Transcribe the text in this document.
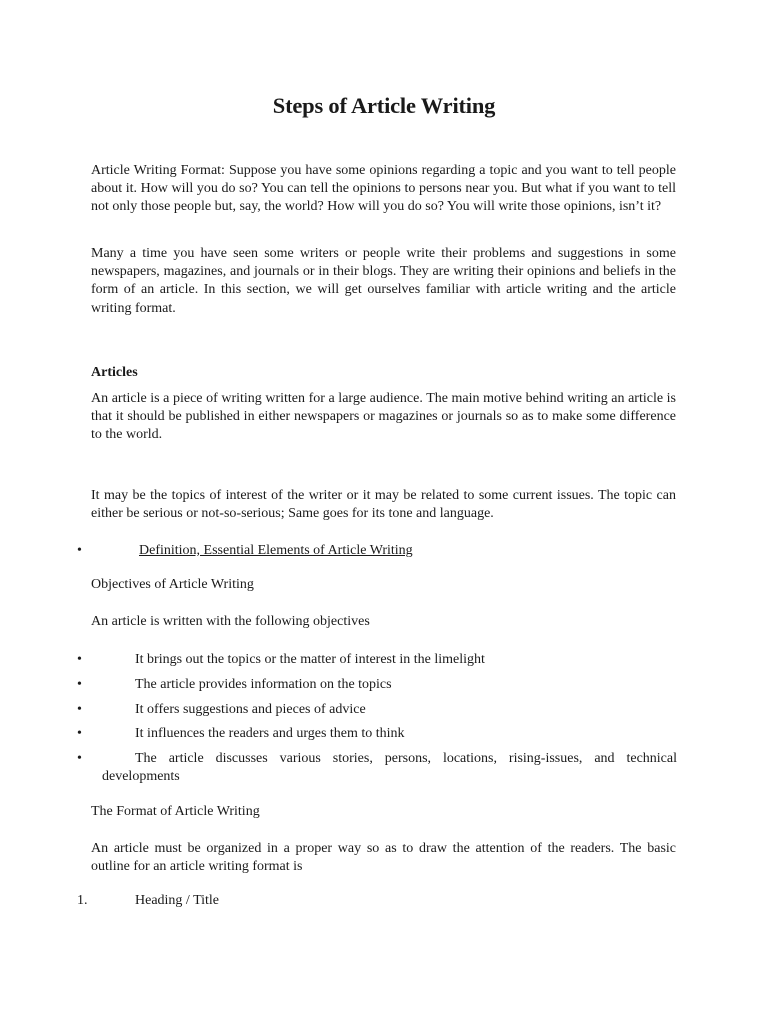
Steps of Article Writing

Article Writing Format: Suppose you have some opinions regarding a topic and you want to tell people about it. How will you do so? You can tell the opinions to persons near you. But what if you want to tell not only those people but, say, the world? How will you do so? You will write those opinions, isn’t it?

Many a time you have seen some writers or people write their problems and suggestions in some newspapers, magazines, and journals or in their blogs. They are writing their opinions and beliefs in the form of an article. In this section, we will get ourselves familiar with article writing and the article writing format.

Articles

An article is a piece of writing written for a large audience. The main motive behind writing an article is that it should be published in either newspapers or magazines or journals so as to make some difference to the world.

It may be the topics of interest of the writer or it may be related to some current issues. The topic can either be serious or not-so-serious; Same goes for its tone and language.

•	Definition, Essential Elements of Article Writing

Objectives of Article Writing

An article is written with the following objectives

•	It brings out the topics or the matter of interest in the limelight
•	The article provides information on the topics
•	It offers suggestions and pieces of advice
•	It influences the readers and urges them to think
•	The article discusses various stories, persons, locations, rising-issues, and technical developments

The Format of Article Writing

An article must be organized in a proper way so as to draw the attention of the readers. The basic outline for an article writing format is

1.	Heading / Title
